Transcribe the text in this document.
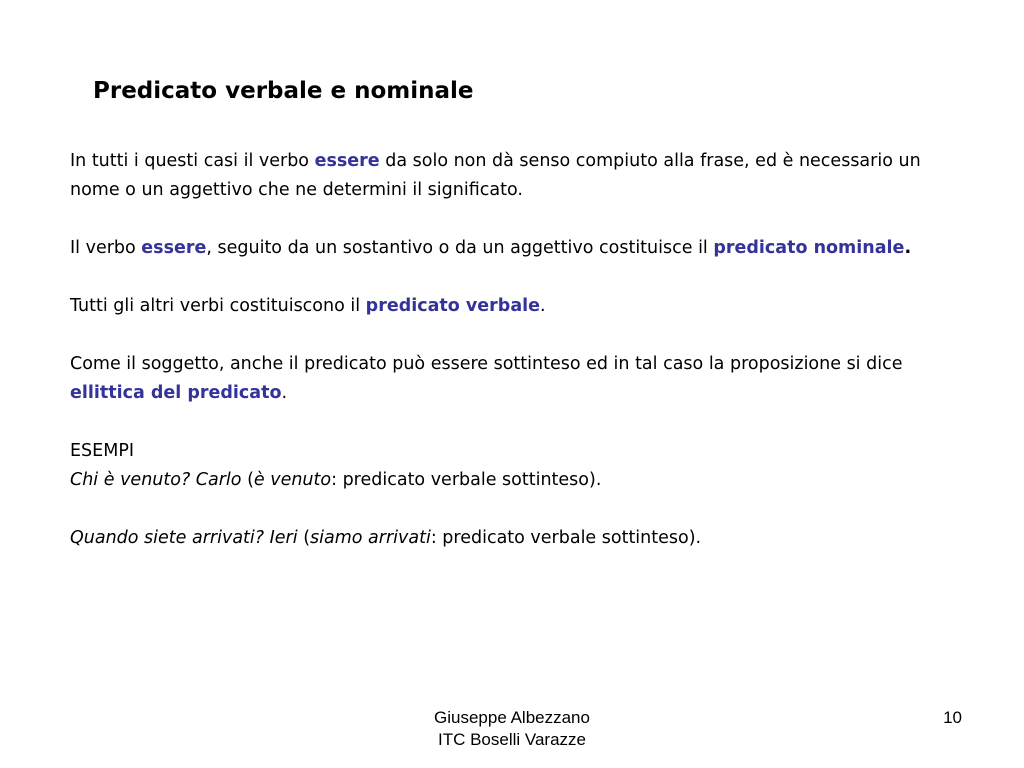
Predicato verbale e nominale

In tutti i questi casi il verbo essere da solo non dà senso compiuto alla frase, ed è necessario un nome o un aggettivo che ne determini il significato.

Il verbo essere, seguito da un sostantivo o da un aggettivo costituisce il predicato nominale.

Tutti gli altri verbi costituiscono il predicato verbale.

Come il soggetto, anche il predicato può essere sottinteso ed in tal caso la proposizione si dice ellittica del predicato.

ESEMPI

Chi è venuto? Carlo (è venuto: predicato verbale sottinteso).

Quando siete arrivati? Ieri (siamo arrivati: predicato verbale sottinteso).

Giuseppe Albezzano
ITC Boselli Varazze
10
